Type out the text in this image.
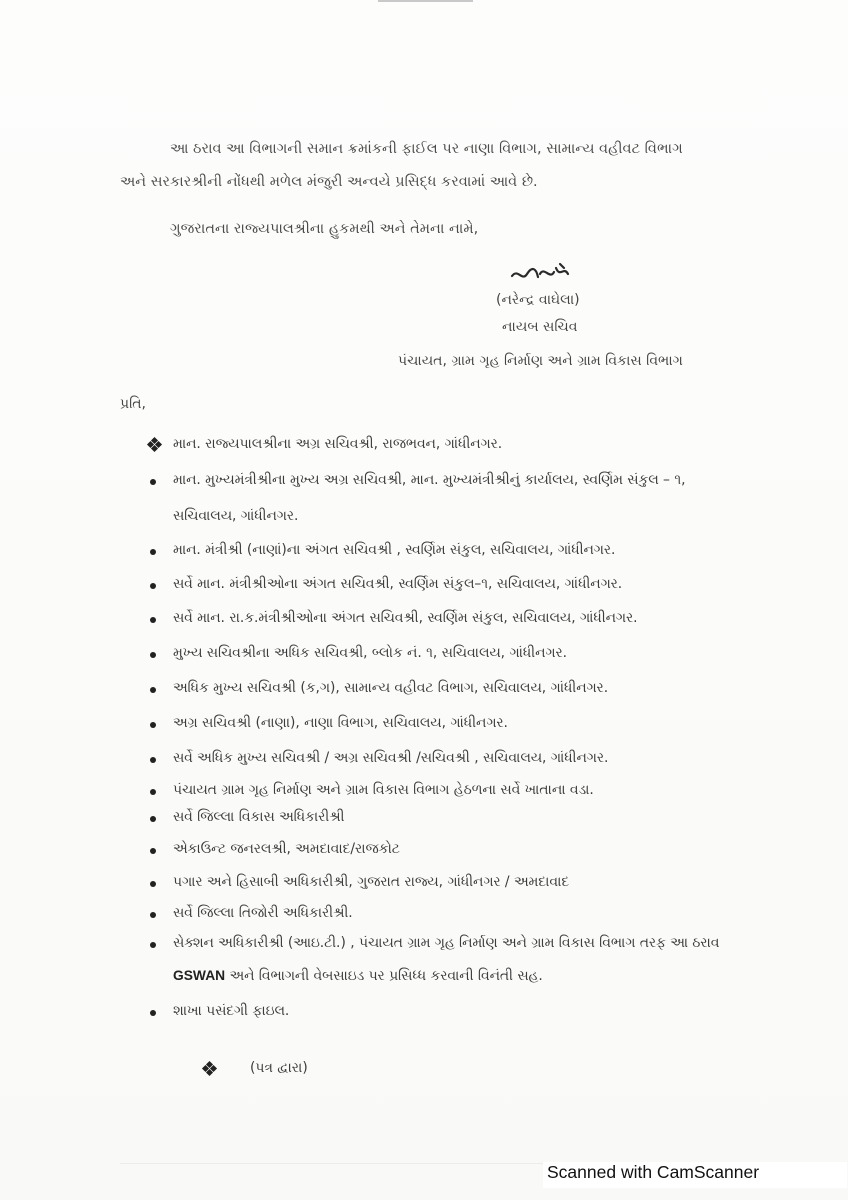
આ ઠરાવ આ વિભાગની સમાન ક્રમાંકની ફાઈલ પર નાણા વિભાગ, સામાન્ય વહીવટ વિભાગ
અને સરકારશ્રીની નોંધથી મળેલ મંજુરી અન્વયે પ્રસિદ્ધ કરવામાં આવે છે.
ગુજરાતના રાજ્યપાલશ્રીના હુકમથી અને તેમના નામે,
(નરેન્દ્ર વાઘેલા)
નાયબ સચિવ
પંચાયત, ગ્રામ ગૃહ નિર્માણ અને ગ્રામ વિકાસ વિભાગ
પ્રતિ,
માન. રાજ્યપાલશ્રીના અગ્ર સચિવશ્રી, રાજભવન, ગાંધીનગર.
માન. મુખ્યમંત્રીશ્રીના મુખ્ય અગ્ર સચિવશ્રી, માન. મુખ્યમંત્રીશ્રીનું કાર્યાલય, સ્વર્ણિમ સંકુલ – ૧,
સચિવાલય, ગાંધીનગર.
માન. મંત્રીશ્રી (નાણાં)ના અંગત સચિવશ્રી , સ્વર્ણિમ સંકુલ, સચિવાલય, ગાંધીનગર.
સર્વે માન. મંત્રીશ્રીઓના અંગત સચિવશ્રી, સ્વર્ણિમ સંકુલ–૧, સચિવાલય, ગાંધીનગર.
સર્વે માન. રા.ક.મંત્રીશ્રીઓના અંગત સચિવશ્રી, સ્વર્ણિમ સંકુલ, સચિવાલય, ગાંધીનગર.
મુખ્ય સચિવશ્રીના અધિક સચિવશ્રી, બ્લોક નં. ૧, સચિવાલય, ગાંધીનગર.
અધિક મુખ્ય સચિવશ્રી (ક,ગ), સામાન્ય વહીવટ વિભાગ, સચિવાલય, ગાંધીનગર.
અગ્ર સચિવશ્રી (નાણા), નાણા વિભાગ, સચિવાલય, ગાંધીનગર.
સર્વે અધિક મુખ્ય સચિવશ્રી / અગ્ર સચિવશ્રી /સચિવશ્રી , સચિવાલય, ગાંધીનગર.
પંચાયત ગ્રામ ગૃહ નિર્માણ અને ગ્રામ વિકાસ વિભાગ હેઠળના સર્વે ખાતાના વડા.
સર્વે જિલ્લા વિકાસ અધિકારીશ્રી
એકાઉન્ટ જનરલશ્રી, અમદાવાદ/રાજકોટ
પગાર અને હિસાબી અધિકારીશ્રી, ગુજરાત રાજ્ય, ગાંધીનગર / અમદાવાદ
સર્વે જિલ્લા તિજોરી અધિકારીશ્રી.
સેક્શન અધિકારીશ્રી (આઇ.ટી.) , પંચાયત ગ્રામ ગૃહ નિર્માણ અને ગ્રામ વિકાસ વિભાગ તરફ આ ઠરાવ
GSWAN અને વિભાગની વેબસાઇડ પર પ્રસિધ્ધ કરવાની વિનંતી સહ.
શાખા પસંદગી ફાઇલ.
(પત્ર દ્વારા)
Scanned with CamScanner
